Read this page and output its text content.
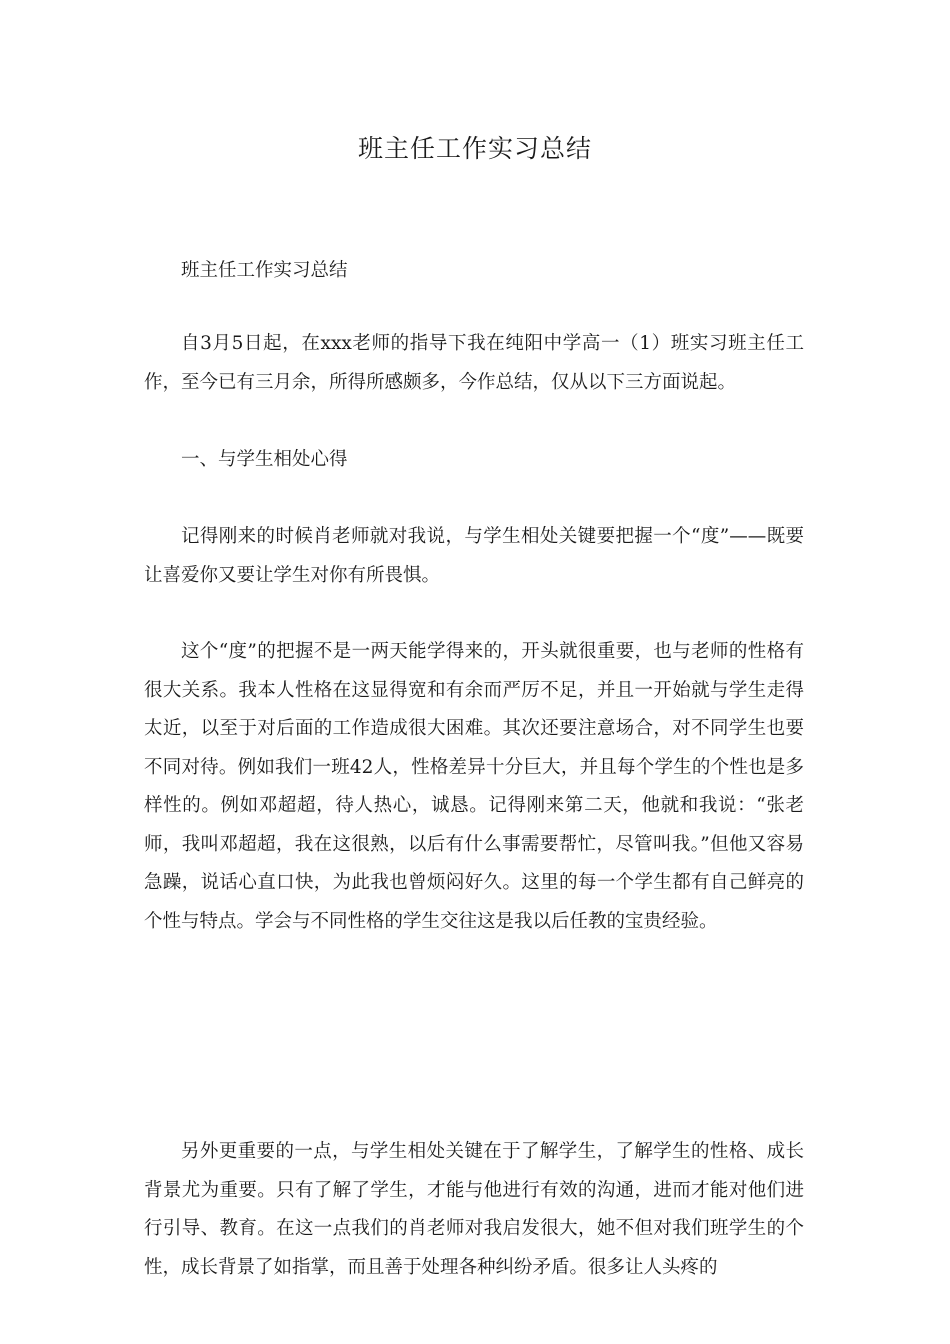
班主任工作实习总结

班主任工作实习总结

自3月5日起，在xxx老师的指导下我在纯阳中学高一（1）班实习班主任工作，至今已有三月余，所得所感颇多，今作总结，仅从以下三方面说起。

一、与学生相处心得

记得刚来的时候肖老师就对我说，与学生相处关键要把握一个“度”——既要让喜爱你又要让学生对你有所畏惧。

这个“度”的把握不是一两天能学得来的，开头就很重要，也与老师的性格有很大关系。我本人性格在这显得宽和有余而严厉不足，并且一开始就与学生走得太近，以至于对后面的工作造成很大困难。其次还要注意场合，对不同学生也要不同对待。例如我们一班42人，性格差异十分巨大，并且每个学生的个性也是多样性的。例如邓超超，待人热心，诚恳。记得刚来第二天，他就和我说：“张老师，我叫邓超超，我在这很熟，以后有什么事需要帮忙，尽管叫我。”但他又容易急躁，说话心直口快，为此我也曾烦闷好久。这里的每一个学生都有自己鲜亮的个性与特点。学会与不同性格的学生交往这是我以后任教的宝贵经验。

另外更重要的一点，与学生相处关键在于了解学生，了解学生的性格、成长背景尤为重要。只有了解了学生，才能与他进行有效的沟通，进而才能对他们进行引导、教育。在这一点我们的肖老师对我启发很大，她不但对我们班学生的个性，成长背景了如指掌，而且善于处理各种纠纷矛盾。很多让人头疼的
